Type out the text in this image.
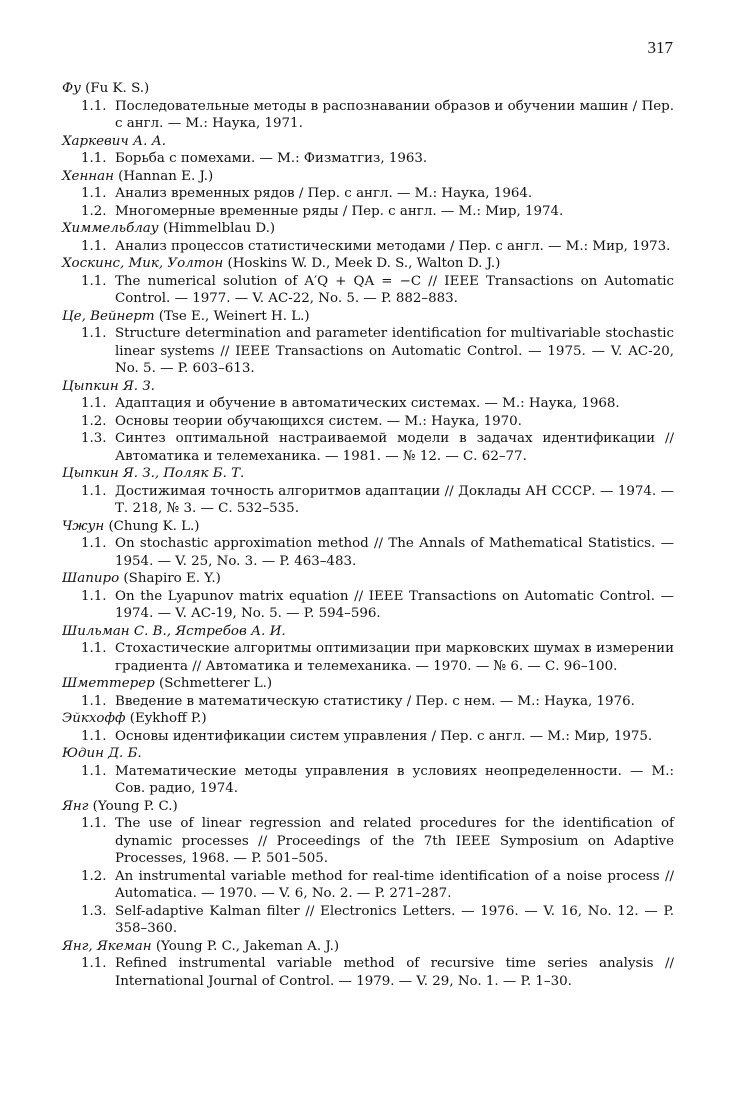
317

Фу (Fu K. S.)

1.1. Последовательные методы в распознавании образов и обучении машин / Пер. с англ. — М.: Наука, 1971.

Харкевич А. А.

1.1. Борьба с помехами. — М.: Физматгиз, 1963.

Хеннан (Hannan E. J.)

1.1. Анализ временных рядов / Пер. с англ. — М.: Наука, 1964.
1.2. Многомерные временные ряды / Пер. с англ. — М.: Мир, 1974.

Химмельблау (Himmelblau D.)

1.1. Анализ процессов статистическими методами / Пер. с англ. — М.: Мир, 1973.

Хоскинс, Мик, Уолтон (Hoskins W. D., Meek D. S., Walton D. J.)

1.1. The numerical solution of A′Q + QA = −C // IEEE Transactions on Automatic Control. — 1977. — V. AC-22, No. 5. — P. 882–883.

Це, Вейнерт (Tse E., Weinert H. L.)

1.1. Structure determination and parameter identification for multivariable stochastic linear systems // IEEE Transactions on Automatic Control. — 1975. — V. AC-20, No. 5. — P. 603–613.

Цыпкин Я. З.

1.1. Адаптация и обучение в автоматических системах. — М.: Наука, 1968.
1.2. Основы теории обучающихся систем. — М.: Наука, 1970.
1.3. Синтез оптимальной настраиваемой модели в задачах идентификации // Автоматика и телемеханика. — 1981. — № 12. — С. 62–77.

Цыпкин Я. З., Поляк Б. Т.

1.1. Достижимая точность алгоритмов адаптации // Доклады АН СССР. — 1974. — Т. 218, № 3. — С. 532–535.

Чжун (Chung K. L.)

1.1. On stochastic approximation method // The Annals of Mathematical Statistics. — 1954. — V. 25, No. 3. — P. 463–483.

Шапиро (Shapiro E. Y.)

1.1. On the Lyapunov matrix equation // IEEE Transactions on Automatic Control. — 1974. — V. AC-19, No. 5. — P. 594–596.

Шильман С. В., Ястребов А. И.

1.1. Стохастические алгоритмы оптимизации при марковских шумах в измерении градиента // Автоматика и телемеханика. — 1970. — № 6. — С. 96–100.

Шметтерер (Schmetterer L.)

1.1. Введение в математическую статистику / Пер. с нем. — М.: Наука, 1976.

Эйкхофф (Eykhoff P.)

1.1. Основы идентификации систем управления / Пер. с англ. — М.: Мир, 1975.

Юдин Д. Б.

1.1. Математические методы управления в условиях неопределенности. — М.: Сов. радио, 1974.

Янг (Young P. C.)

1.1. The use of linear regression and related procedures for the identification of dynamic processes // Proceedings of the 7th IEEE Symposium on Adaptive Processes, 1968. — P. 501–505.
1.2. An instrumental variable method for real-time identification of a noise process // Automatica. — 1970. — V. 6, No. 2. — P. 271–287.
1.3. Self-adaptive Kalman filter // Electronics Letters. — 1976. — V. 16, No. 12. — P. 358–360.

Янг, Якеман (Young P. C., Jakeman A. J.)

1.1. Refined instrumental variable method of recursive time series analysis // International Journal of Control. — 1979. — V. 29, No. 1. — P. 1–30.
